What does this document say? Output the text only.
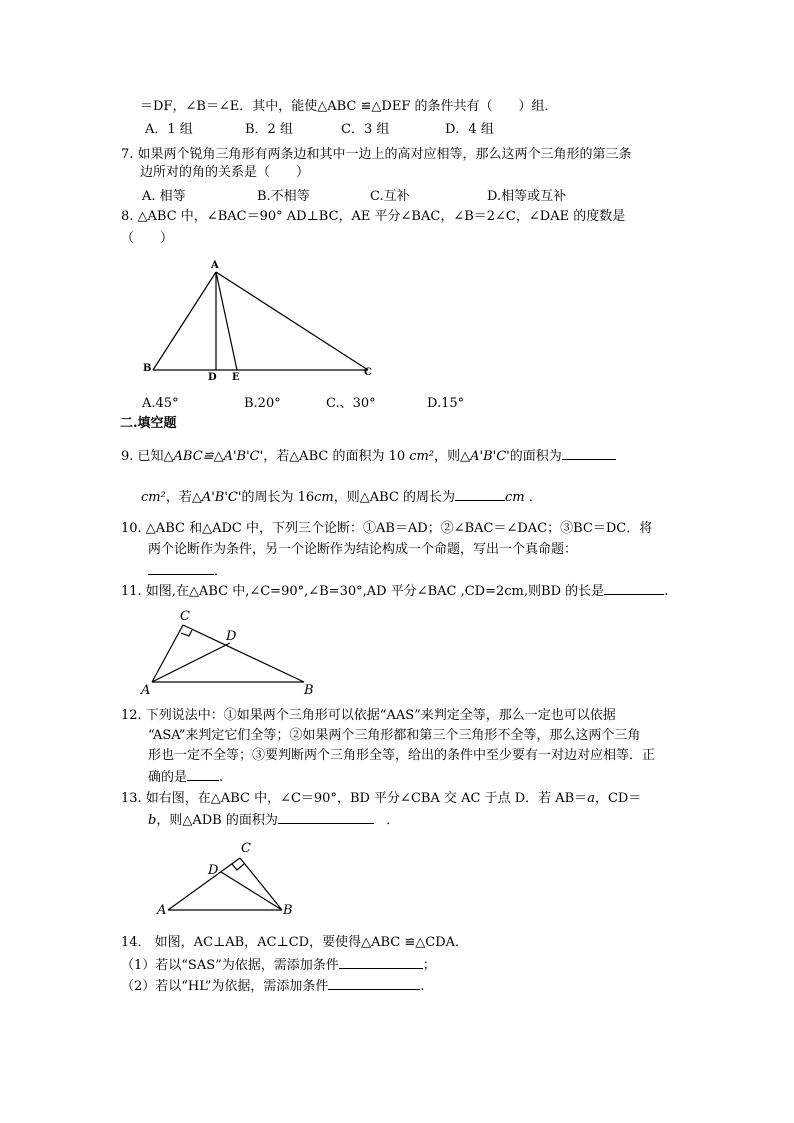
＝DF，∠B＝∠E．其中，能使△ABC ≌△DEF 的条件共有（　　）组．
A．1 组	B．2 组	C．3 组	D．4 组
7. 如果两个锐角三角形有两条边和其中一边上的高对应相等，那么这两个三角形的第三条
边所对的角的关系是（　　）
A. 相等	B.不相等	C.互补	D.相等或互补
8. △ABC 中，∠BAC＝90° AD⊥BC，AE 平分∠BAC，∠B＝2∠C，∠DAE 的度数是
（　　）
A
B	C
D E
A.45°	B.20°	C.、30°	D.15°
二.填空题
9. 已知△ABC≌△A'B'C'，若△ABC 的面积为 10 cm²，则△A'B'C'的面积为
cm²，若△A'B'C'的周长为 16cm，则△ABC 的周长为	cm ．
10. △ABC 和△ADC 中，下列三个论断：①AB＝AD；②∠BAC＝∠DAC；③BC＝DC．将
两个论断作为条件，另一个论断作为结论构成一个命题，写出一个真命题：
．
11. 如图,在△ABC 中,∠C=90°,∠B=30°,AD 平分∠BAC ,CD=2cm,则BD 的长是	.
C
D
A	B
12. 下列说法中：①如果两个三角形可以依据“AAS”来判定全等，那么一定也可以依据
“ASA”来判定它们全等；②如果两个三角形都和第三个三角形不全等，那么这两个三角
形也一定不全等；③要判断两个三角形全等，给出的条件中至少要有一对边对应相等．正
确的是 .
13. 如右图，在△ABC 中，∠C＝90°，BD 平分∠CBA 交 AC 于点 D．若 AB＝a，CD＝
b，则△ADB 的面积为	．
C
D
A	B
14． 如图，AC⊥AB，AC⊥CD，要使得△ABC ≌△CDA．
（1）若以“SAS”为依据，需添加条件	；
（2）若以“HL”为依据，需添加条件	.
